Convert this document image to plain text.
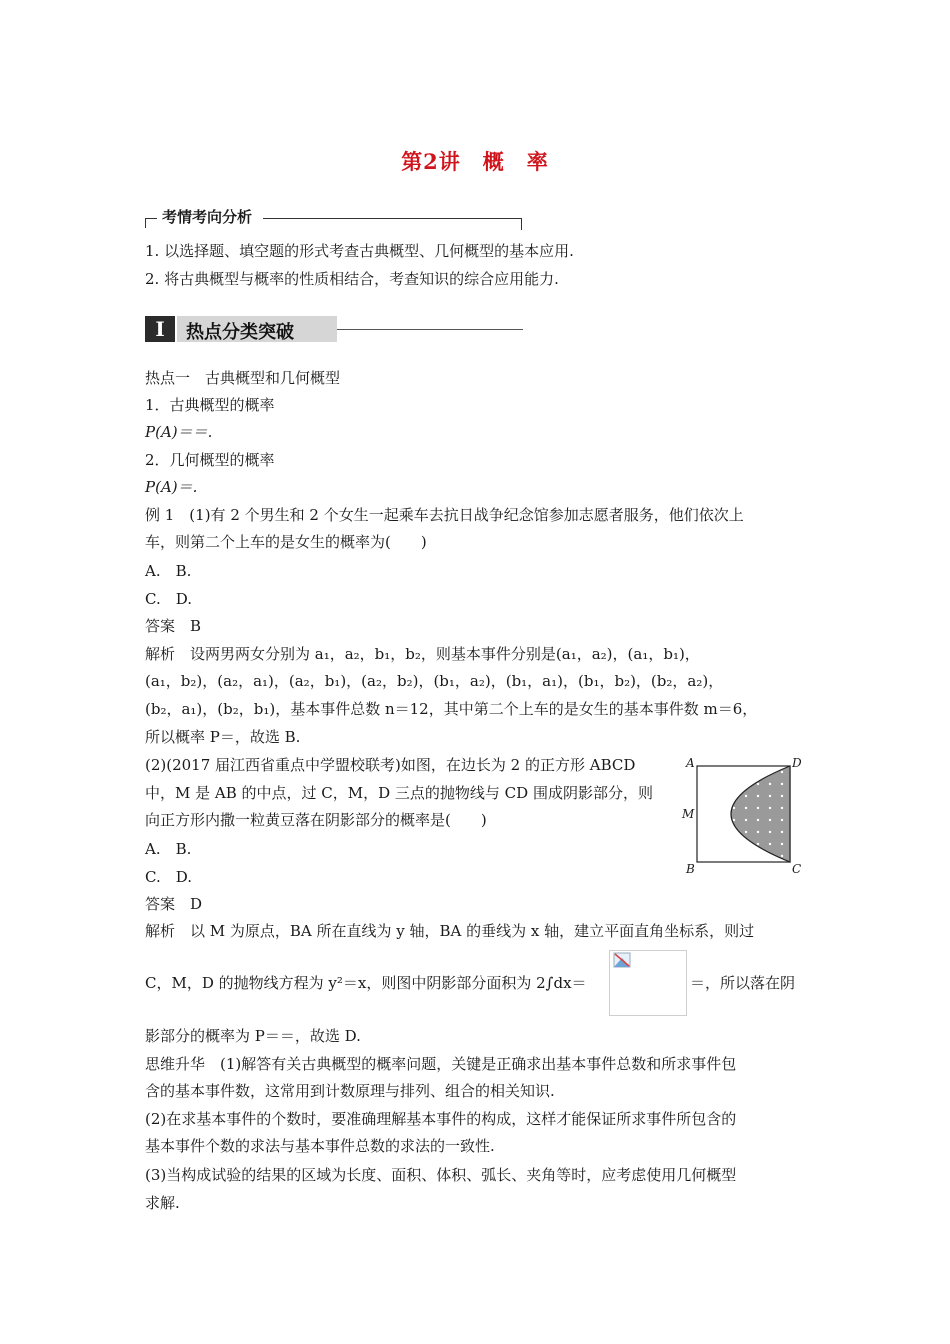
第2讲　概　率
考情考向分析
1. 以选择题、填空题的形式考查古典概型、几何概型的基本应用.
2. 将古典概型与概率的性质相结合，考查知识的综合应用能力.
I	热点分类突破
热点一　古典概型和几何概型
1．古典概型的概率
P(A)＝＝.
2．几何概型的概率
P(A)＝.
例 1　(1)有 2 个男生和 2 个女生一起乘车去抗日战争纪念馆参加志愿者服务，他们依次上
车，则第二个上车的是女生的概率为(　　)
A.　B.
C.　D.
答案　B
解析　设两男两女分别为 a₁，a₂，b₁，b₂，则基本事件分别是(a₁，a₂)，(a₁，b₁)，
(a₁，b₂)，(a₂，a₁)，(a₂，b₁)，(a₂，b₂)，(b₁，a₂)，(b₁，a₁)，(b₁，b₂)，(b₂，a₂)，
(b₂，a₁)，(b₂，b₁)，基本事件总数 n＝12，其中第二个上车的是女生的基本事件数 m＝6，
所以概率 P＝，故选 B.
(2)(2017 届江西省重点中学盟校联考)如图，在边长为 2 的正方形 ABCD
中，M 是 AB 的中点，过 C，M，D 三点的抛物线与 CD 围成阴影部分，则
向正方形内撒一粒黄豆落在阴影部分的概率是(　　)
A.　B.
C.　D.
答案　D
解析　以 M 为原点，BA 所在直线为 y 轴，BA 的垂线为 x 轴，建立平面直角坐标系，则过
C，M，D 的抛物线方程为 y²＝x，则图中阴影部分面积为 2∫dx＝	＝，所以落在阴
影部分的概率为 P＝＝，故选 D.
A	D
M
B	C
思维升华　(1)解答有关古典概型的概率问题，关键是正确求出基本事件总数和所求事件包
含的基本事件数，这常用到计数原理与排列、组合的相关知识.
(2)在求基本事件的个数时，要准确理解基本事件的构成，这样才能保证所求事件所包含的
基本事件个数的求法与基本事件总数的求法的一致性.
(3)当构成试验的结果的区域为长度、面积、体积、弧长、夹角等时，应考虑使用几何概型
求解.
